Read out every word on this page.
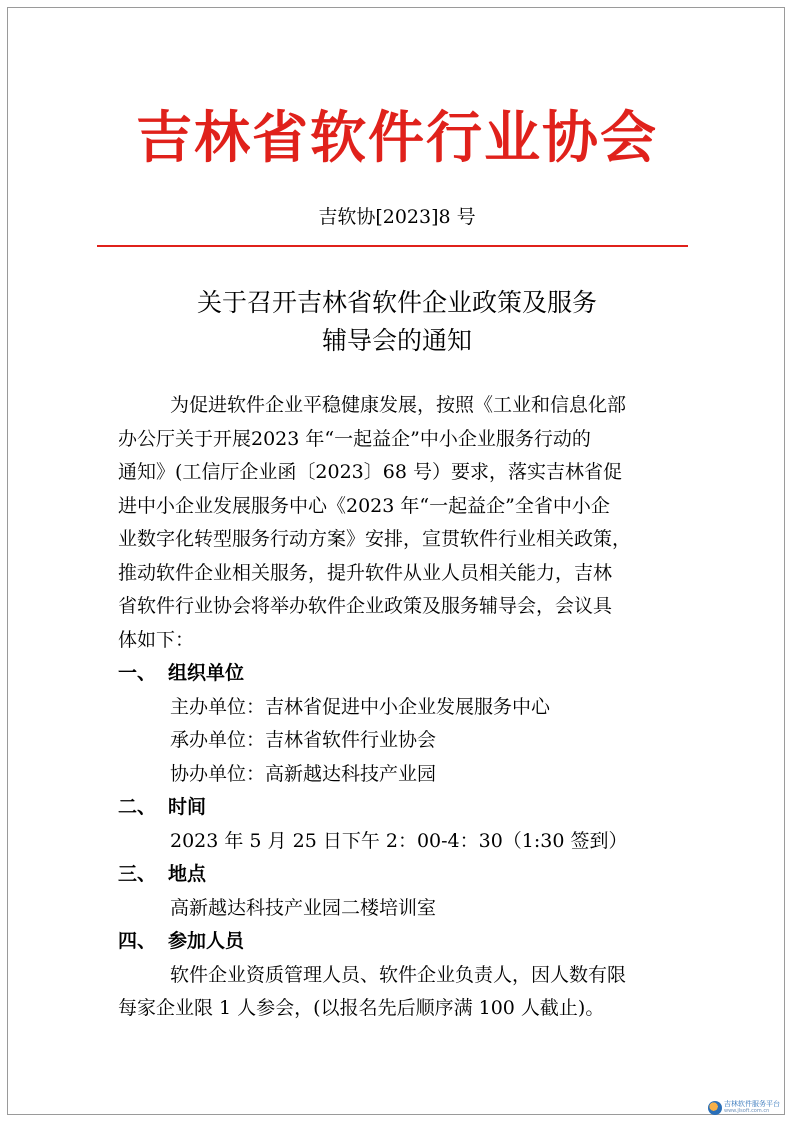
吉林省软件行业协会
吉软协[2023]8 号
关于召开吉林省软件企业政策及服务
辅导会的通知
为促进软件企业平稳健康发展，按照《工业和信息化部
办公厅关于开展2023 年“一起益企”中小企业服务行动的
通知》(工信厅企业函〔2023〕68 号）要求，落实吉林省促
进中小企业发展服务中心《2023 年“一起益企”全省中小企
业数字化转型服务行动方案》安排，宣贯软件行业相关政策，
推动软件企业相关服务，提升软件从业人员相关能力，吉林
省软件行业协会将举办软件企业政策及服务辅导会，会议具
体如下：
一、 组织单位
主办单位：吉林省促进中小企业发展服务中心
承办单位：吉林省软件行业协会
协办单位：高新越达科技产业园
二、 时间
2023 年 5 月 25 日下午 2：00-4：30（1:30 签到）
三、 地点
高新越达科技产业园二楼培训室
四、 参加人员
软件企业资质管理人员、软件企业负责人，因人数有限
每家企业限 1 人参会，(以报名先后顺序满 100 人截止)。
吉林软件服务平台
www.jlsoft.com.cn
